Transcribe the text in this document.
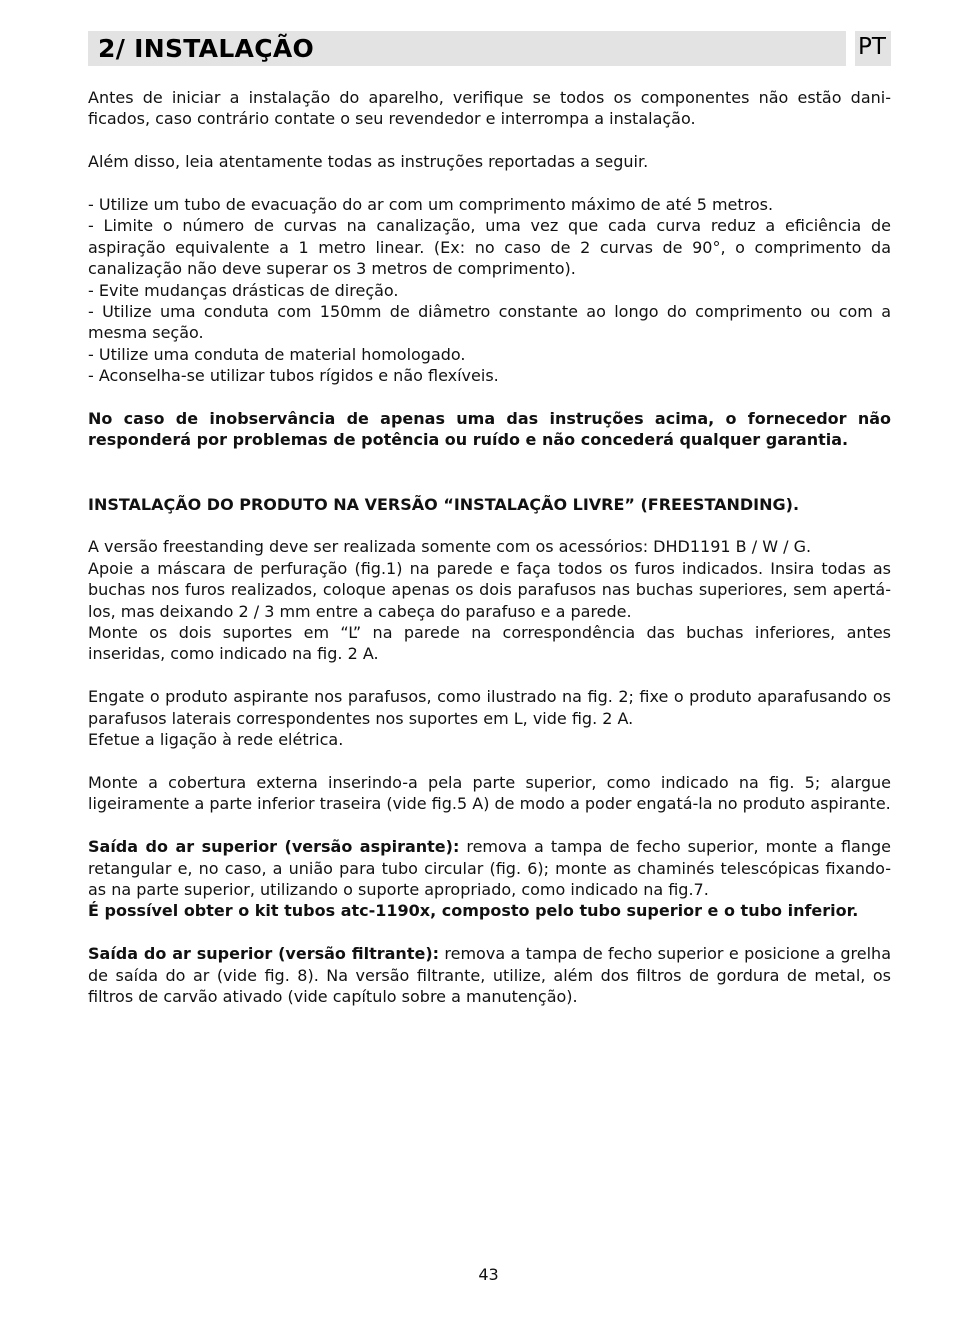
2/ INSTALAÇÃO	PT

Antes de iniciar a instalação do aparelho, verifique se todos os componentes não estão dani-ficados, caso contrário contate o seu revendedor e interrompa a instalação.

Além disso, leia atentamente todas as instruções reportadas a seguir.

- Utilize um tubo de evacuação do ar com um comprimento máximo de até 5 metros.

- Limite o número de curvas na canalização, uma vez que cada curva reduz a eficiência de aspiração equivalente a 1 metro linear. (Ex: no caso de 2 curvas de 90°, o comprimento da canalização não deve superar os 3 metros de comprimento).

- Evite mudanças drásticas de direção.

- Utilize uma conduta com 150mm de diâmetro constante ao longo do comprimento ou com a mesma seção.

- Utilize uma conduta de material homologado.

- Aconselha-se utilizar tubos rígidos e não flexíveis.

No caso de inobservância de apenas uma das instruções acima, o fornecedor não responderá por problemas de potência ou ruído e não concederá qualquer garantia.

INSTALAÇÃO DO PRODUTO NA VERSÃO “INSTALAÇÃO LIVRE” (FREESTANDING).

A versão freestanding deve ser realizada somente com os acessórios: DHD1191 B / W / G.

Apoie a máscara de perfuração (fig.1) na parede e faça todos os furos indicados. Insira todas as buchas nos furos realizados, coloque apenas os dois parafusos nas buchas superiores, sem apertá-los, mas deixando 2 / 3 mm entre a cabeça do parafuso e a parede.

Monte os dois suportes em “L” na parede na correspondência das buchas inferiores, antes inseridas, como indicado na fig. 2 A.

Engate o produto aspirante nos parafusos, como ilustrado na fig. 2; fixe o produto aparafusando os parafusos laterais correspondentes nos suportes em L, vide fig. 2 A.

Efetue a ligação à rede elétrica.

Monte a cobertura externa inserindo-a pela parte superior, como indicado na fig. 5; alargue ligeiramente a parte inferior traseira (vide fig.5 A) de modo a poder engatá-la no produto aspirante.

Saída do ar superior (versão aspirante): remova a tampa de fecho superior, monte a flange retangular e, no caso, a união para tubo circular (fig. 6); monte as chaminés telescópicas fixando-as na parte superior, utilizando o suporte apropriado, como indicado na fig.7.

É possível obter o kit tubos atc-1190x, composto pelo tubo superior e o tubo inferior.

Saída do ar superior (versão filtrante): remova a tampa de fecho superior e posicione a grelha de saída do ar (vide fig. 8). Na versão filtrante, utilize, além dos filtros de gordura de metal, os filtros de carvão ativado (vide capítulo sobre a manutenção).

43
